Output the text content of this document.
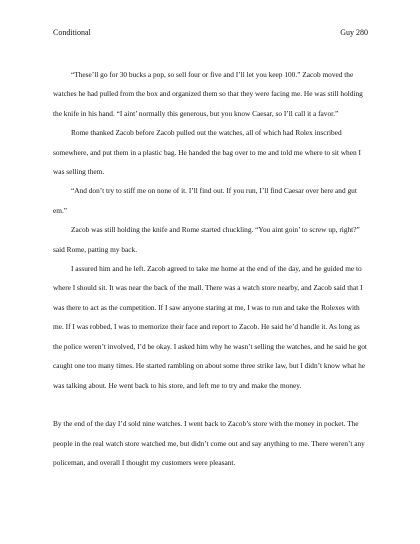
Conditional	Guy 280

“These’ll go for 30 bucks a pop, so sell four or five and I’ll let you keep 100.” Zacob moved the watches he had pulled from the box and organized them so that they were facing me. He was still holding the knife in his hand. “I aint’ normally this generous, but you know Caesar, so I’ll call it a favor.”

Rome thanked Zacob before Zacob pulled out the watches, all of which had Rolex inscribed somewhere, and put them in a plastic bag. He handed the bag over to me and told me where to sit when I was selling them.

“And don’t try to stiff me on none of it. I’ll find out. If you run, I’ll find Caesar over here and gut em.”

Zacob was still holding the knife and Rome started chuckling. “You aint goin’ to screw up, right?” said Rome, patting my back.

I assured him and he left. Zacob agreed to take me home at the end of the day, and he guided me to where I should sit. It was near the back of the mall. There was a watch store nearby, and Zacob said that I was there to act as the competition. If I saw anyone staring at me, I was to run and take the Rolexes with me. If I was robbed, I was to memorize their face and report to Zacob. He said he’d handle it. As long as the police weren’t involved, I’d be okay. I asked him why he wasn’t selling the watches, and he said he got caught one too many times. He started rambling on about some three strike law, but I didn’t know what he was talking about. He went back to his store, and left me to try and make the money.

By the end of the day I’d sold nine watches. I went back to Zacob’s store with the money in pocket. The people in the real watch store watched me, but didn’t come out and say anything to me. There weren’t any policeman, and overall I thought my customers were pleasant.
